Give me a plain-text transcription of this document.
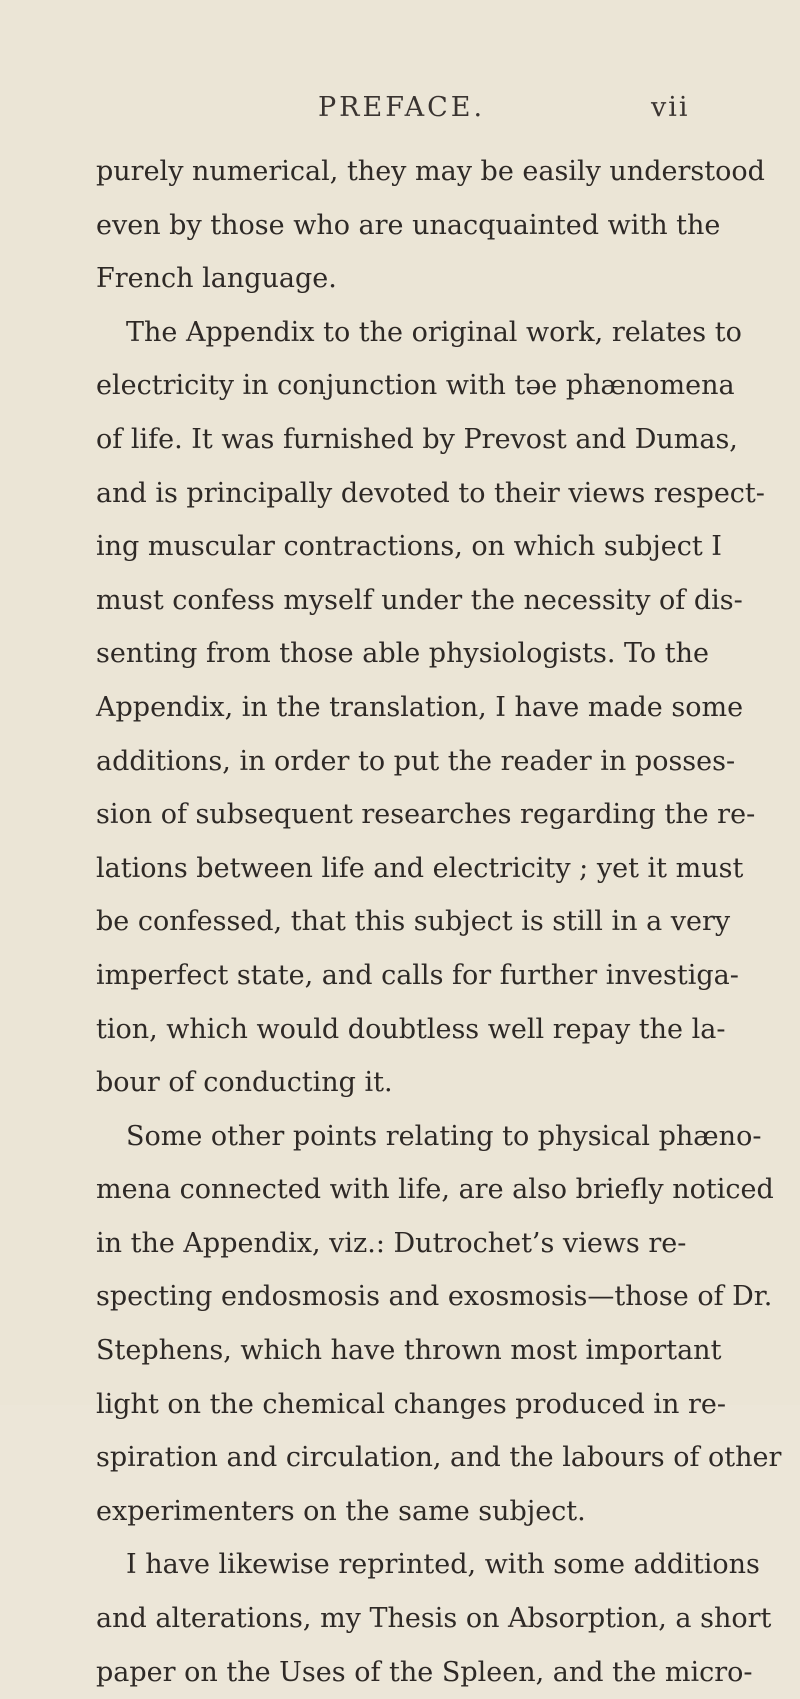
PREFACE.	vii
purely numerical, they may be easily understood
even by those who are unacquainted with the
French language.
The Appendix to the original work, relates to
electricity in conjunction with tǝe phænomena
of life. It was furnished by Prevost and Dumas,
and is principally devoted to their views respect-
ing muscular contractions, on which subject I
must confess myself under the necessity of dis-
senting from those able physiologists. To the
Appendix, in the translation, I have made some
additions, in order to put the reader in posses-
sion of subsequent researches regarding the re-
lations between life and electricity ; yet it must
be confessed, that this subject is still in a very
imperfect state, and calls for further investiga-
tion, which would doubtless well repay the la-
bour of conducting it.
Some other points relating to physical phæno-
mena connected with life, are also briefly noticed
in the Appendix, viz.: Dutrochet’s views re-
specting endosmosis and exosmosis—those of Dr.
Stephens, which have thrown most important
light on the chemical changes produced in re-
spiration and circulation, and the labours of other
experimenters on the same subject.
I have likewise reprinted, with some additions
and alterations, my Thesis on Absorption, a short
paper on the Uses of the Spleen, and the micro-
